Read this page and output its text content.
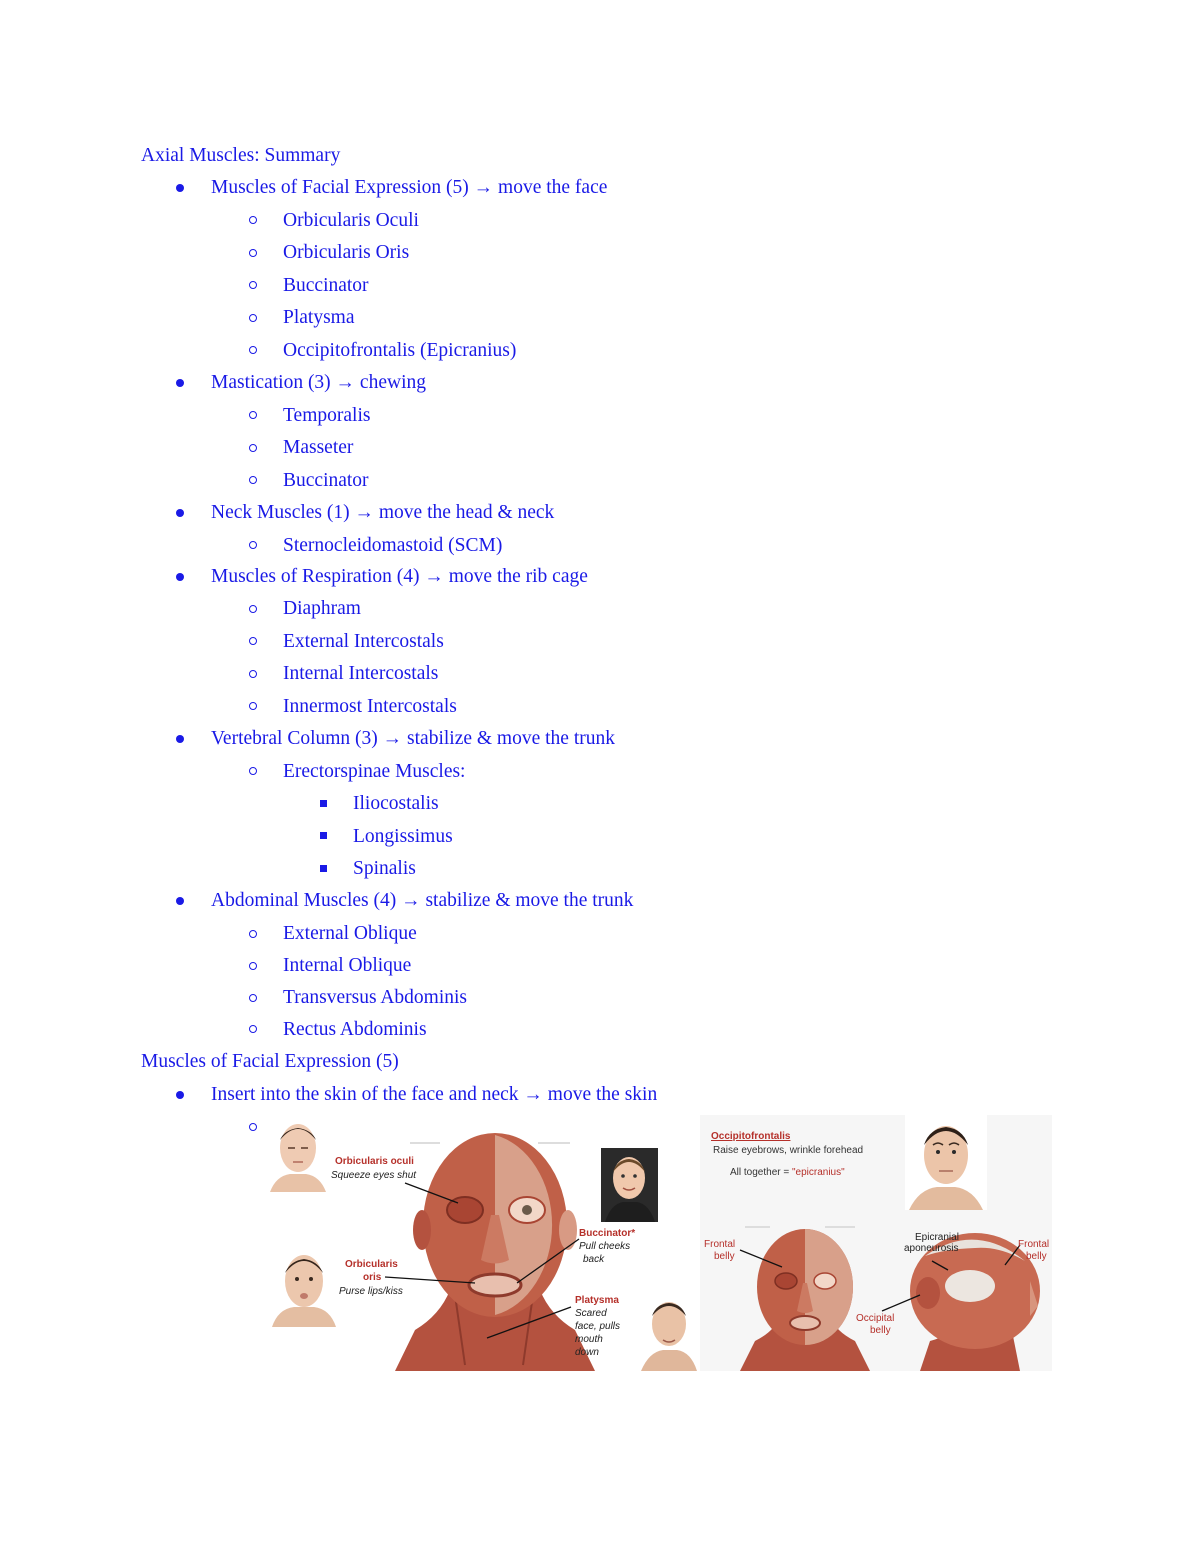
Axial Muscles: Summary
Muscles of Facial Expression (5) → move the face
Orbicularis Oculi
Orbicularis Oris
Buccinator
Platysma
Occipitofrontalis (Epicranius)
Mastication (3) → chewing
Temporalis
Masseter
Buccinator
Neck Muscles (1) → move the head & neck
Sternocleidomastoid (SCM)
Muscles of Respiration (4) → move the rib cage
Diaphram
External Intercostals
Internal Intercostals
Innermost Intercostals
Vertebral Column (3) → stabilize & move the trunk
Erectorspinae Muscles:
Iliocostalis
Longissimus
Spinalis
Abdominal Muscles (4) → stabilize & move the trunk
External Oblique
Internal Oblique
Transversus Abdominis
Rectus Abdominis
Muscles of Facial Expression (5)
Insert into the skin of the face and neck → move the skin
Orbicularis oculi
Squeeze eyes shut
Orbicularis
oris
Purse lips/kiss
Buccinator*
Pull cheeks
back
Platysma
Scared
face, pulls
mouth
down
Occipitofrontalis
Raise eyebrows, wrinkle forehead
All together = "epicranius"
Frontal
belly
Epicranial
aponeurosis	Frontal
belly
Occipital
belly
